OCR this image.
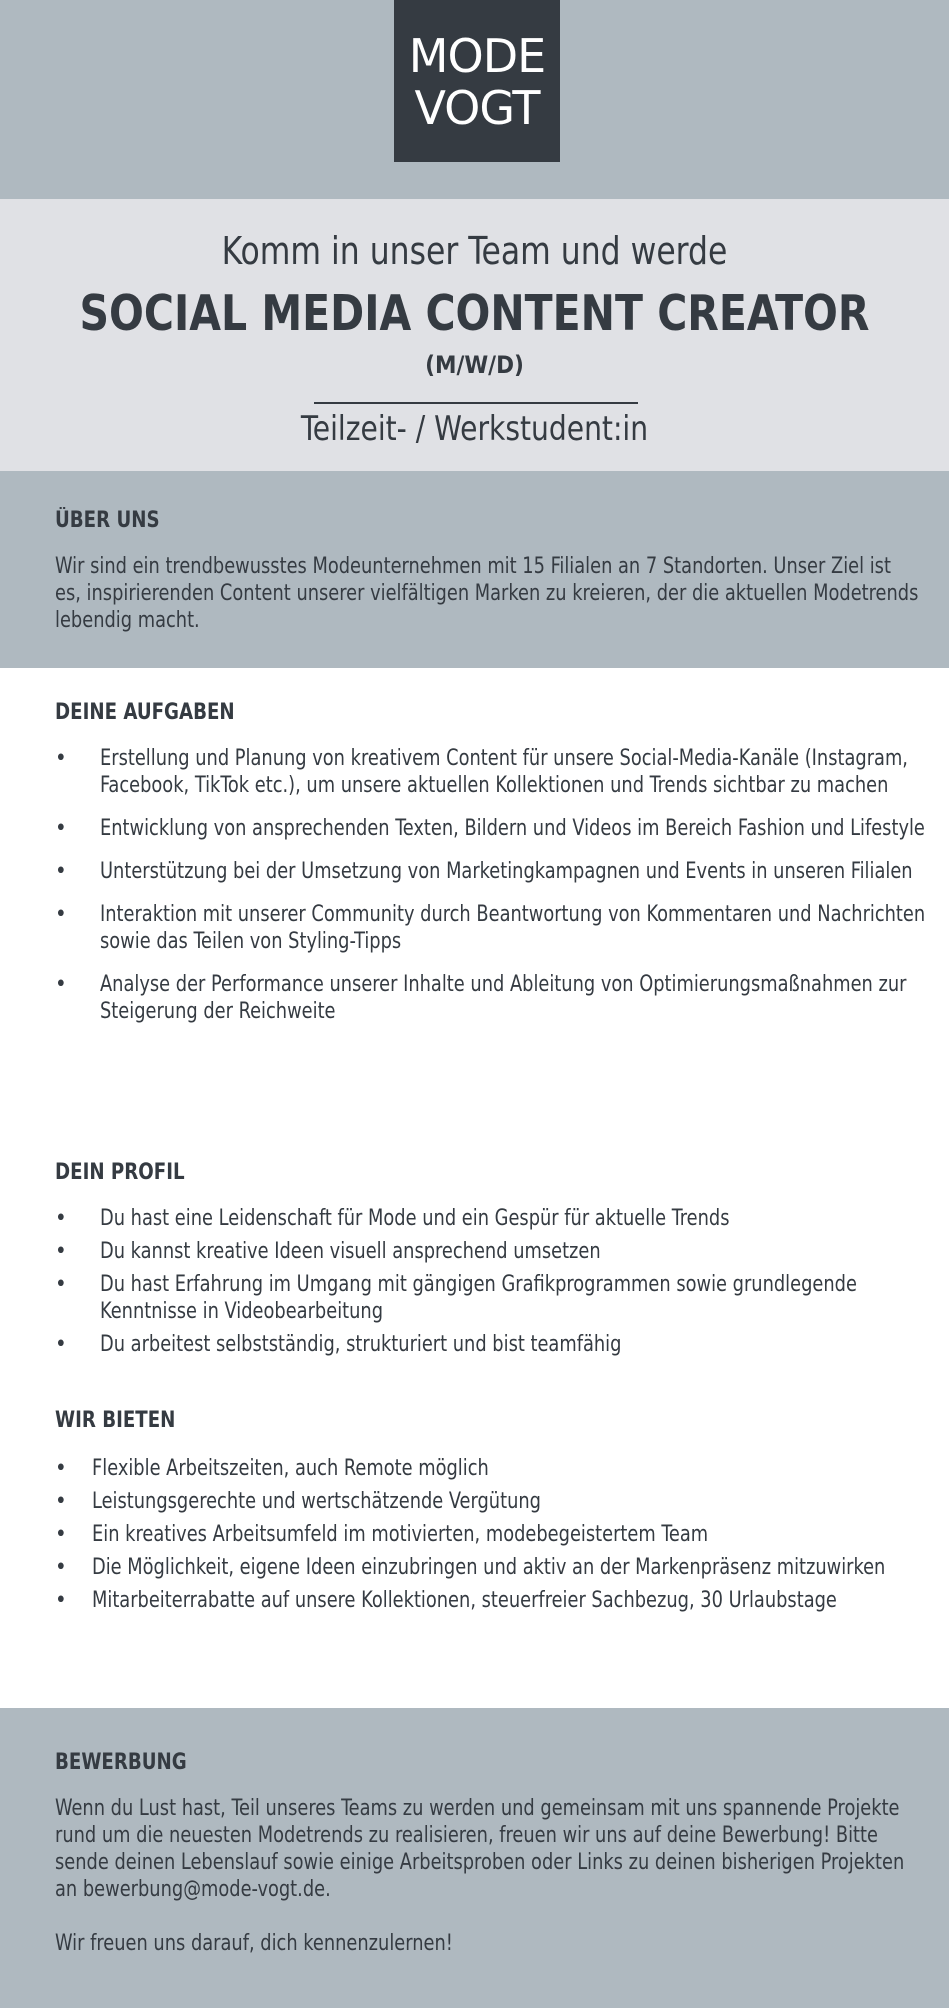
MODE
VOGT
Komm in unser Team und werde
SOCIAL MEDIA CONTENT CREATOR
(M/W/D)
Teilzeit- / Werkstudent:in
ÜBER UNS

Wir sind ein trendbewusstes Modeunternehmen mit 15 Filialen an 7 Standorten. Unser Ziel ist es, inspirierenden Content unserer vielfältigen Marken zu kreieren, der die aktuellen Modetrends lebendig macht.

DEINE AUFGABEN
•	Erstellung und Planung von kreativem Content für unsere Social-Media-Kanäle (Instagram, Facebook, TikTok etc.), um unsere aktuellen Kollektionen und Trends sichtbar zu machen
•	Entwicklung von ansprechenden Texten, Bildern und Videos im Bereich Fashion und Lifestyle
•	Unterstützung bei der Umsetzung von Marketingkampagnen und Events in unseren Filialen
•	Interaktion mit unserer Community durch Beantwortung von Kommentaren und Nachrichten sowie das Teilen von Styling-Tipps
•	Analyse der Performance unserer Inhalte und Ableitung von Optimierungsmaßnahmen zur Steigerung der Reichweite
DEIN PROFIL
•	Du hast eine Leidenschaft für Mode und ein Gespür für aktuelle Trends
•	Du kannst kreative Ideen visuell ansprechend umsetzen
•	Du hast Erfahrung im Umgang mit gängigen Grafikprogrammen sowie grundlegende Kenntnisse in Videobearbeitung
•	Du arbeitest selbstständig, strukturiert und bist teamfähig
WIR BIETEN
•	Flexible Arbeitszeiten, auch Remote möglich
•	Leistungsgerechte und wertschätzende Vergütung
•	Ein kreatives Arbeitsumfeld im motivierten, modebegeistertem Team
•	Die Möglichkeit, eigene Ideen einzubringen und aktiv an der Markenpräsenz mitzuwirken
•	Mitarbeiterrabatte auf unsere Kollektionen, steuerfreier Sachbezug, 30 Urlaubstage
BEWERBUNG

Wenn du Lust hast, Teil unseres Teams zu werden und gemeinsam mit uns spannende Projekte rund um die neuesten Modetrends zu realisieren, freuen wir uns auf deine Bewerbung! Bitte sende deinen Lebenslauf sowie einige Arbeitsproben oder Links zu deinen bisherigen Projekten an bewerbung@mode-vogt.de.

Wir freuen uns darauf, dich kennenzulernen!
